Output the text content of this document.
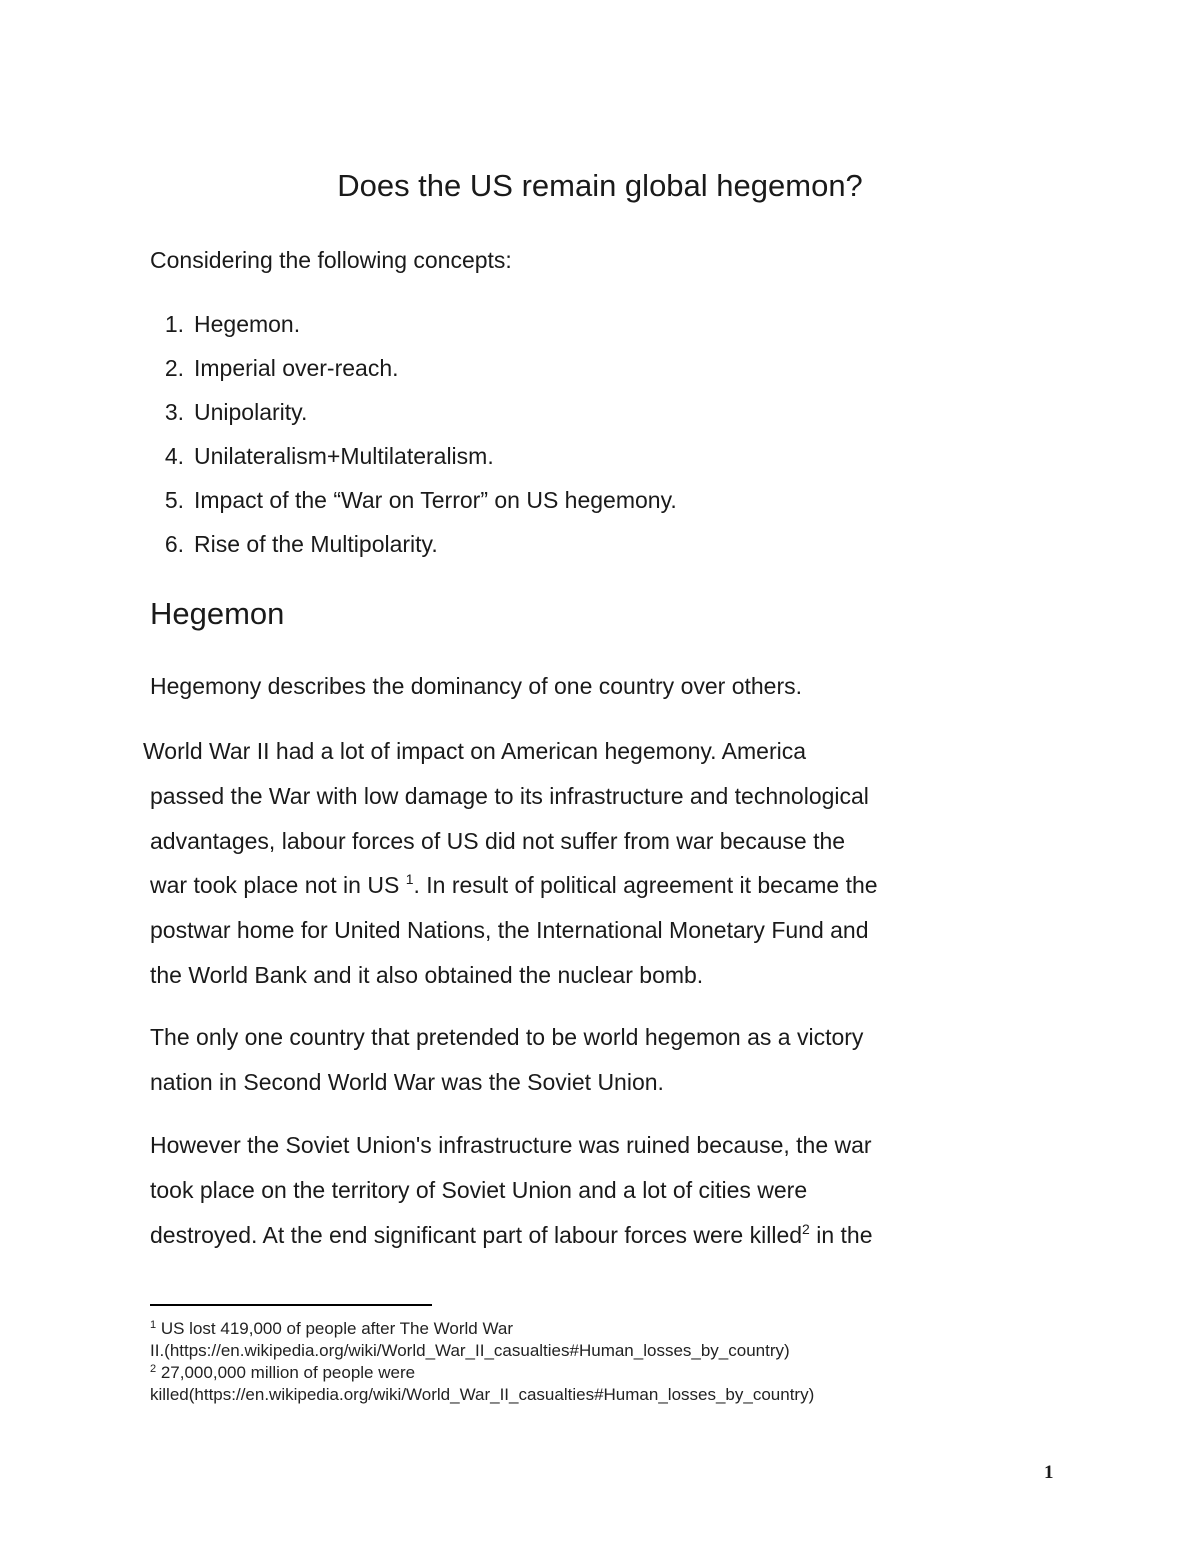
Does the US remain global hegemon?

Considering the following concepts:

1. Hegemon.
2. Imperial over-reach.
3. Unipolarity.
4. Unilateralism+Multilateralism.
5. Impact of the “War on Terror” on US hegemony.
6. Rise of the Multipolarity.
Hegemon

Hegemony describes the dominancy of one country over others.

World War II had a lot of impact on American hegemony. America
passed the War with low damage to its infrastructure and technological
advantages, labour forces of US did not suffer from war because the
war took place not in US $^1$. In result of political agreement it became the
postwar home for United Nations, the International Monetary Fund and
the World Bank and it also obtained the nuclear bomb.

The only one country that pretended to be world hegemon as a victory
nation in Second World War was the Soviet Union.

However the Soviet Union's infrastructure was ruined because, the war
took place on the territory of Soviet Union and a lot of cities were
destroyed. At the end significant part of labour forces were killed$^2$ in the

$^1$ US lost 419,000 of people after The World War
II.(https://en.wikipedia.org/wiki/World_War_II_casualties#Human_losses_by_country)
$^2$ 27,000,000 million of people were
killed(https://en.wikipedia.org/wiki/World_War_II_casualties#Human_losses_by_country)

1
